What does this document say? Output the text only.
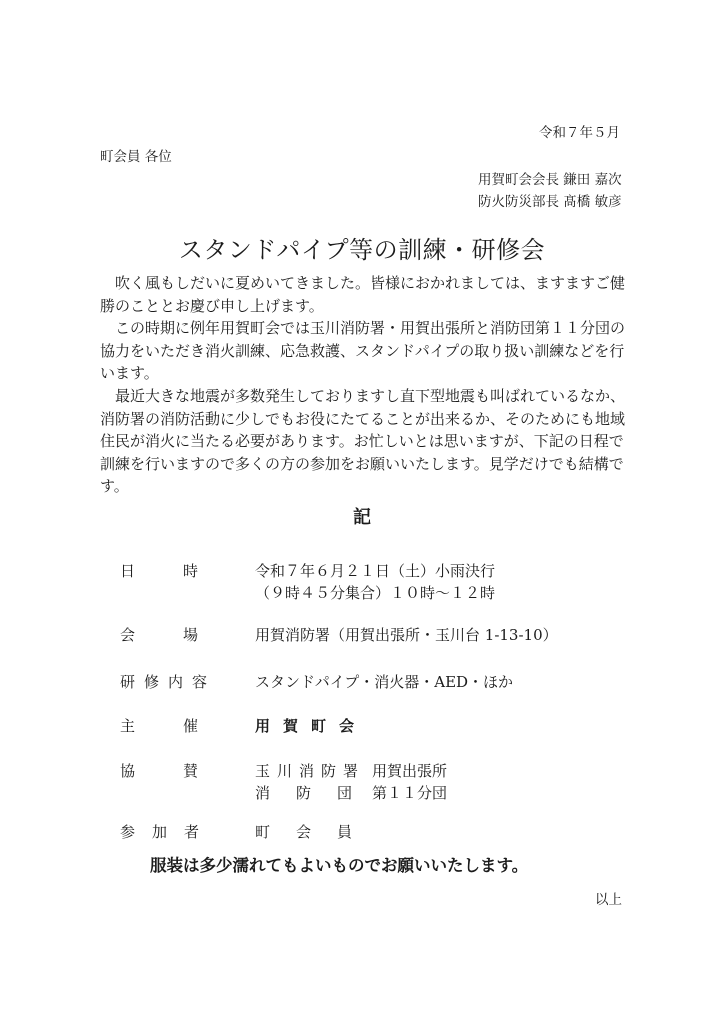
令和７年５月
町会員 各位
用賀町会会長 鎌田 嘉次
防火防災部長 髙橋 敏彦
スタンドパイプ等の訓練・研修会
　吹く風もしだいに夏めいてきました。皆様におかれましては、ますますご健
勝のこととお慶び申し上げます。
　この時期に例年用賀町会では玉川消防署・用賀出張所と消防団第１１分団の
協力をいただき消火訓練、応急救護、スタンドパイプの取り扱い訓練などを行
います。
　最近大きな地震が多数発生しておりますし直下型地震も叫ばれているなか、
消防署の消防活動に少しでもお役にたてることが出来るか、そのためにも地域
住民が消火に当たる必要があります。お忙しいとは思いますが、下記の日程で
訓練を行いますので多くの方の参加をお願いいたします。見学だけでも結構で
す。
記
日時 令和７年６月２１日（土）小雨決行
（９時４５分集合）１０時～１２時
会場 用賀消防署（用賀出張所・玉川台 1-13-10）
研修内容	スタンドパイプ・消火器・AED・ほか
主催 用賀町会
協賛 玉川消防署 用賀出張所
消防団
第１１分団
参加者	町会員
服装は多少濡れてもよいものでお願いいたします。
以上
